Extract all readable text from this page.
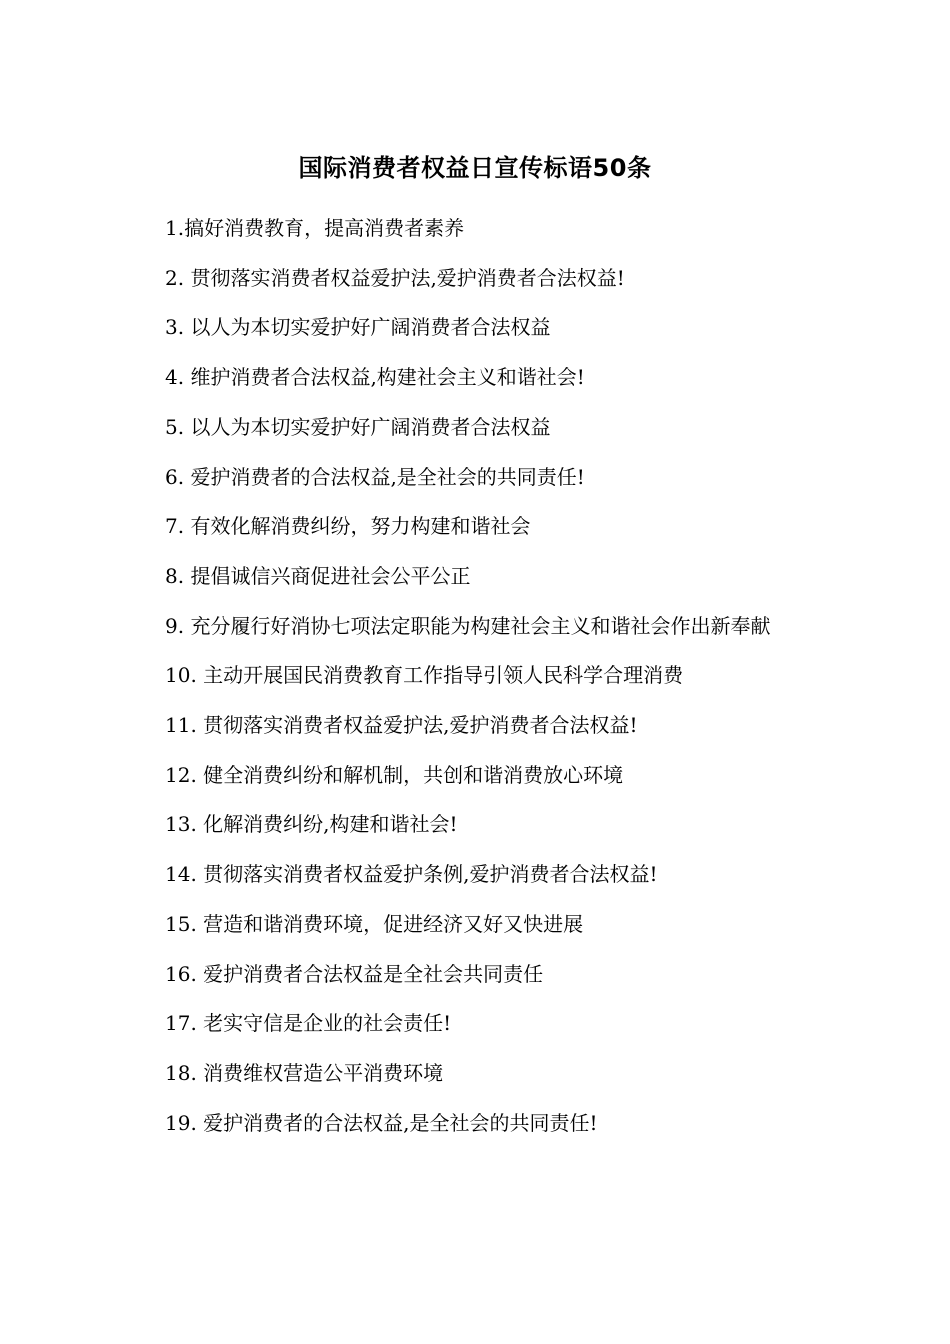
国际消费者权益日宣传标语50条

1.搞好消费教育，提高消费者素养

2. 贯彻落实消费者权益爱护法,爱护消费者合法权益!

3. 以人为本切实爱护好广阔消费者合法权益

4. 维护消费者合法权益,构建社会主义和谐社会!

5. 以人为本切实爱护好广阔消费者合法权益

6. 爱护消费者的合法权益,是全社会的共同责任!

7. 有效化解消费纠纷，努力构建和谐社会

8. 提倡诚信兴商促进社会公平公正

9. 充分履行好消协七项法定职能为构建社会主义和谐社会作出新奉献

10. 主动开展国民消费教育工作指导引领人民科学合理消费

11. 贯彻落实消费者权益爱护法,爱护消费者合法权益!

12. 健全消费纠纷和解机制，共创和谐消费放心环境

13. 化解消费纠纷,构建和谐社会!

14. 贯彻落实消费者权益爱护条例,爱护消费者合法权益!

15. 营造和谐消费环境，促进经济又好又快进展

16. 爱护消费者合法权益是全社会共同责任

17. 老实守信是企业的社会责任!

18. 消费维权营造公平消费环境

19. 爱护消费者的合法权益,是全社会的共同责任!
